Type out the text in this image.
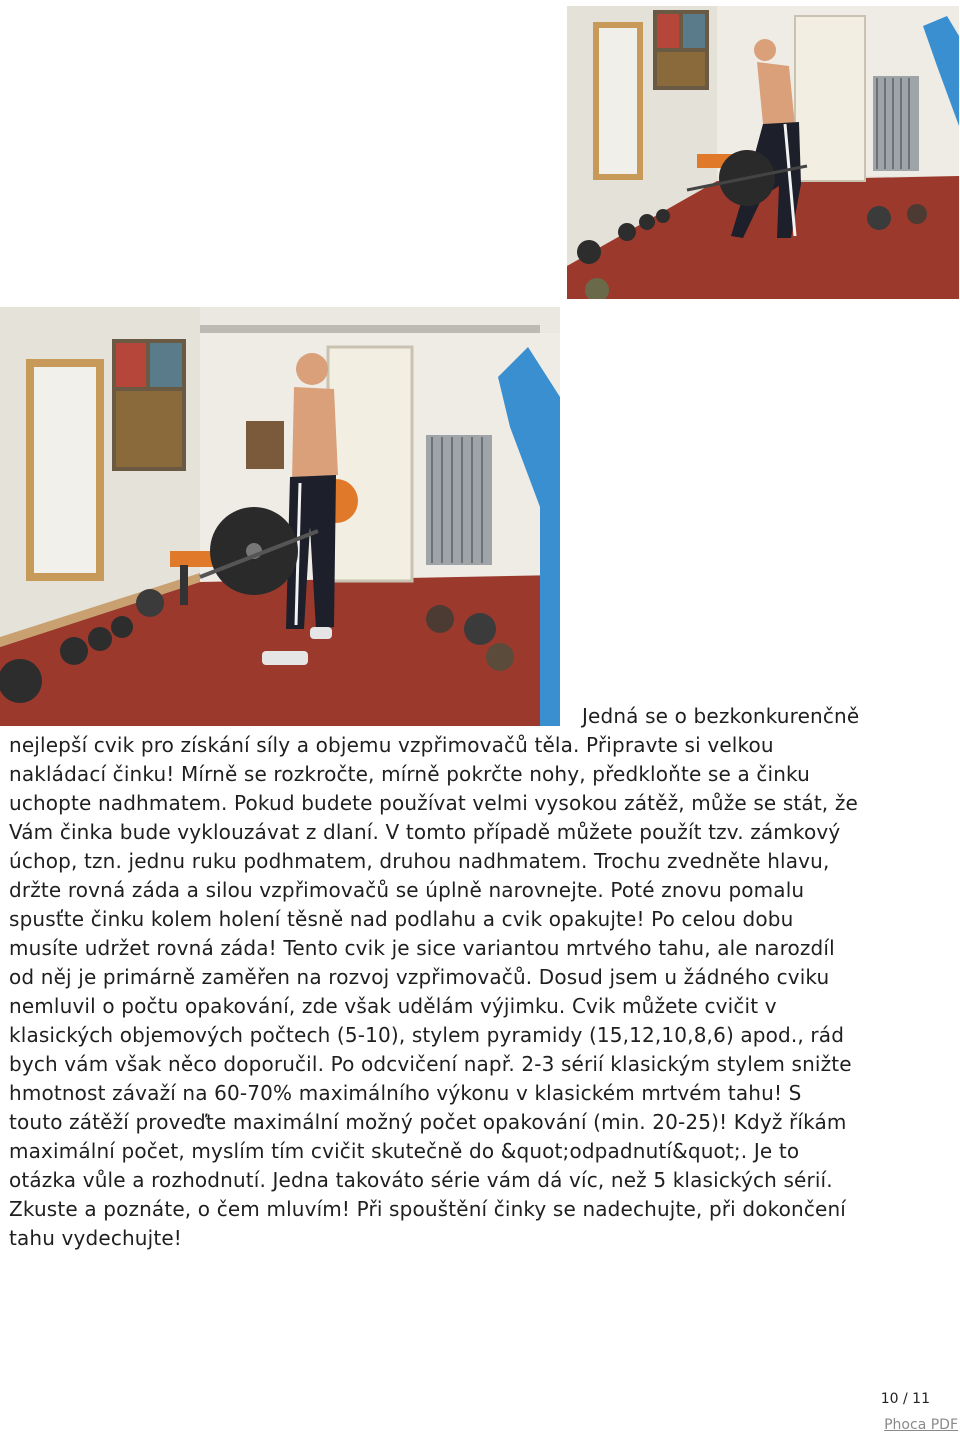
Jedná se o bezkonkurenčně
nejlepší cvik pro získání síly a objemu vzpřimovačů těla. Připravte si velkou
nakládací činku! Mírně se rozkročte, mírně pokrčte nohy, předkloňte se a činku
uchopte nadhmatem. Pokud budete používat velmi vysokou zátěž, může se stát, že
Vám činka bude vyklouzávat z dlaní. V tomto případě můžete použít tzv. zámkový
úchop, tzn. jednu ruku podhmatem, druhou nadhmatem. Trochu zvedněte hlavu,
držte rovná záda a silou vzpřimovačů se úplně narovnejte. Poté znovu pomalu
spusťte činku kolem holení těsně nad podlahu a cvik opakujte! Po celou dobu
musíte udržet rovná záda! Tento cvik je sice variantou mrtvého tahu, ale narozdíl
od něj je primárně zaměřen na rozvoj vzpřimovačů. Dosud jsem u žádného cviku
nemluvil o počtu opakování, zde však udělám výjimku. Cvik můžete cvičit v
klasických objemových počtech (5-10), stylem pyramidy (15,12,10,8,6) apod., rád
bych vám však něco doporučil. Po odcvičení např. 2-3 sérií klasickým stylem snižte
hmotnost závaží na 60-70% maximálního výkonu v klasickém mrtvém tahu! S
touto zátěží proveďte maximální možný počet opakování (min. 20-25)! Když říkám
maximální počet, myslím tím cvičit skutečně do &quot;odpadnutí&quot;. Je to
otázka vůle a rozhodnutí. Jedna takováto série vám dá víc, než 5 klasických sérií.
Zkuste a poznáte, o čem mluvím! Při spouštění činky se nadechujte, při dokončení
tahu vydechujte!

10 / 11
Phoca PDF
